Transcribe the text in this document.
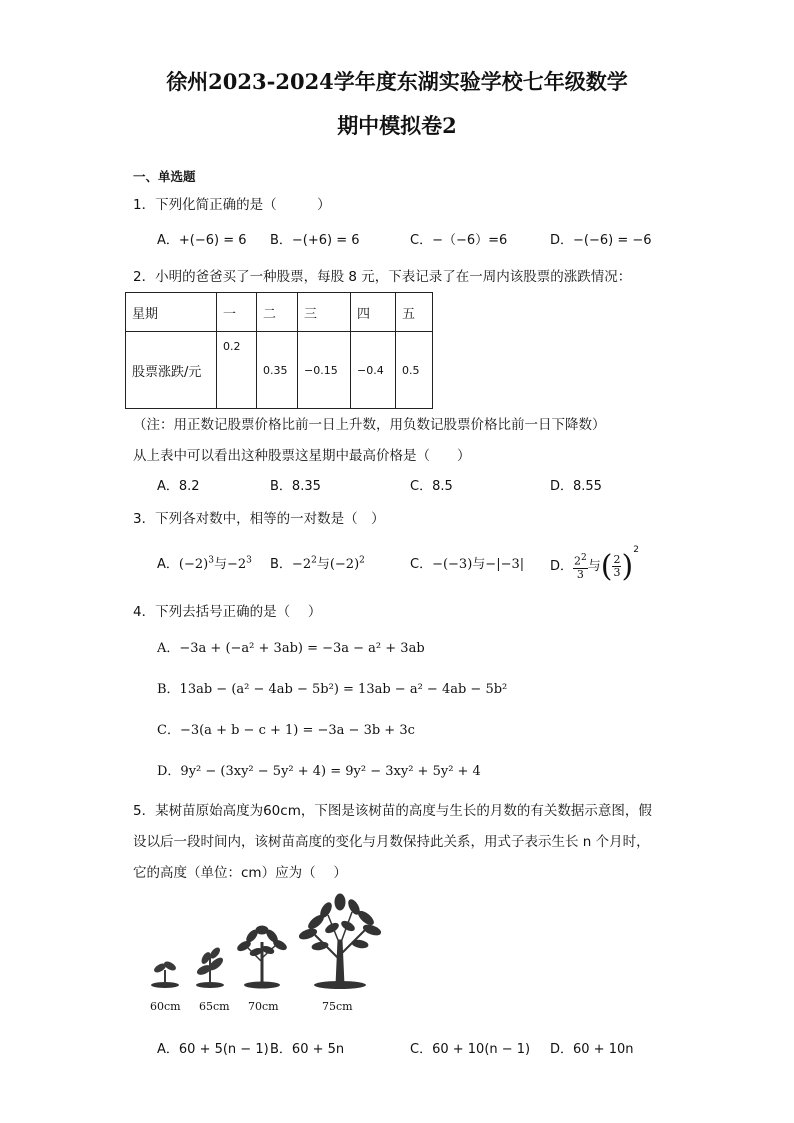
徐州2023-2024学年度东湖实验学校七年级数学
期中模拟卷2
一、单选题
1．下列化简正确的是（　　　）
A．+(−6) = 6 B．−(+6) = 6	C．−（−6）=6	D．−(−6) = −6
2．小明的爸爸买了一种股票，每股 8 元，下表记录了在一周内该股票的涨跌情况：
星期	一	二	三	四	五
股票涨跌/元	0.2	0.35	−0.15	−0.4	0.5
（注：用正数记股票价格比前一日上升数，用负数记股票价格比前一日下降数）
从上表中可以看出这种股票这星期中最高价格是（　　）
A．8.2	B．8.35	C．8.5	D．8.55
3．下列各对数中，相等的一对数是（　）
A．$(-2)^3$与$-2^3$ B．$-2^2$与$(-2)^2$	C．−(−3)与−|−3| D． $\frac{2^2}{3}$ 与( $\frac{2}{3} )^2$
4．下列去括号正确的是（　 ）
A．−3a + (−a² + 3ab) = −3a − a² + 3ab
B．13ab − (a² − 4ab − 5b²) = 13ab − a² − 4ab − 5b²
C．−3(a + b − c + 1) = −3a − 3b + 3c
D．9y² − (3xy² − 5y² + 4) = 9y² − 3xy² + 5y² + 4
5．某树苗原始高度为60cm，下图是该树苗的高度与生长的月数的有关数据示意图，假
设以后一段时间内，该树苗高度的变化与月数保持此关系，用式子表示生长 n 个月时，
它的高度（单位：cm）应为（　 ）
60cm 65cm 70cm	75cm
A．60 + 5(n − 1) B．60 + 5n	C．60 + 10(n − 1) D．60 + 10n
